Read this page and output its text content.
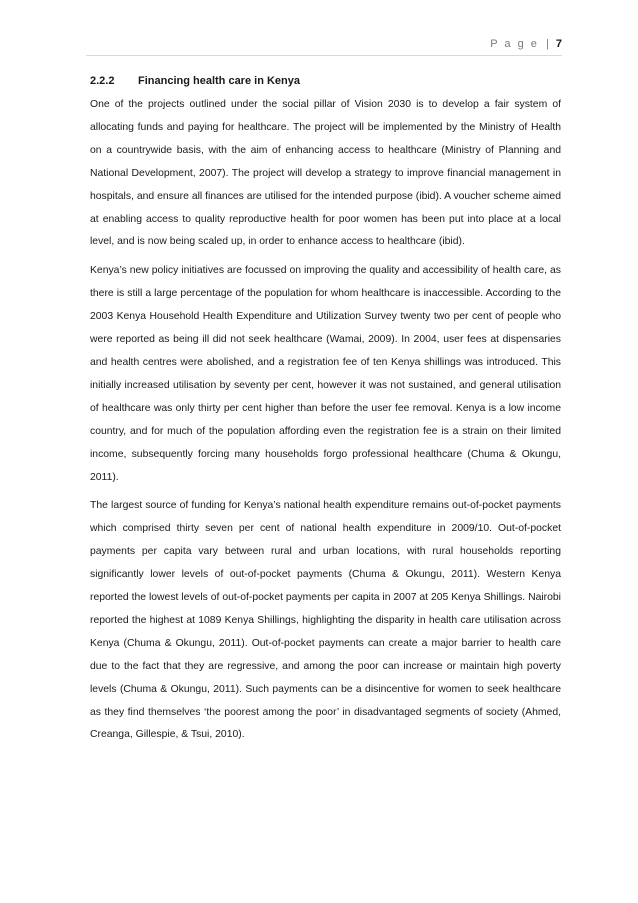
P a g e | 7
2.2.2 Financing health care in Kenya

One of the projects outlined under the social pillar of Vision 2030 is to develop a fair system of allocating funds and paying for healthcare. The project will be implemented by the Ministry of Health on a countrywide basis, with the aim of enhancing access to healthcare (Ministry of Planning and National Development, 2007). The project will develop a strategy to improve financial management in hospitals, and ensure all finances are utilised for the intended purpose (ibid). A voucher scheme aimed at enabling access to quality reproductive health for poor women has been put into place at a local level, and is now being scaled up, in order to enhance access to healthcare (ibid).

Kenya’s new policy initiatives are focussed on improving the quality and accessibility of health care, as there is still a large percentage of the population for whom healthcare is inaccessible. According to the 2003 Kenya Household Health Expenditure and Utilization Survey twenty two per cent of people who were reported as being ill did not seek healthcare (Wamai, 2009). In 2004, user fees at dispensaries and health centres were abolished, and a registration fee of ten Kenya shillings was introduced. This initially increased utilisation by seventy per cent, however it was not sustained, and general utilisation of healthcare was only thirty per cent higher than before the user fee removal. Kenya is a low income country, and for much of the population affording even the registration fee is a strain on their limited income, subsequently forcing many households forgo professional healthcare (Chuma & Okungu, 2011).

The largest source of funding for Kenya’s national health expenditure remains out-of-pocket payments which comprised thirty seven per cent of national health expenditure in 2009/10. Out-of-pocket payments per capita vary between rural and urban locations, with rural households reporting significantly lower levels of out-of-pocket payments (Chuma & Okungu, 2011). Western Kenya reported the lowest levels of out-of-pocket payments per capita in 2007 at 205 Kenya Shillings. Nairobi reported the highest at 1089 Kenya Shillings, highlighting the disparity in health care utilisation across Kenya (Chuma & Okungu, 2011). Out-of-pocket payments can create a major barrier to health care due to the fact that they are regressive, and among the poor can increase or maintain high poverty levels (Chuma & Okungu, 2011). Such payments can be a disincentive for women to seek healthcare as they find themselves ‘the poorest among the poor’ in disadvantaged segments of society (Ahmed, Creanga, Gillespie, & Tsui, 2010).
